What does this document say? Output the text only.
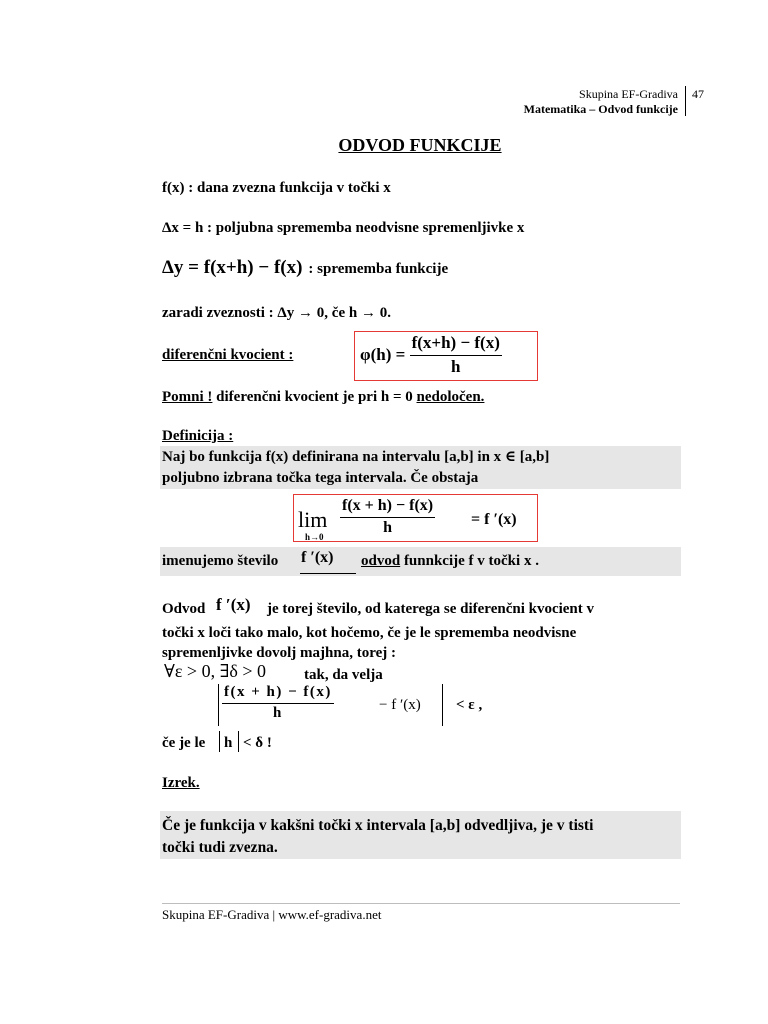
Skupina EF-Gradiva
Matematika – Odvod funkcije
47
ODVOD FUNKCIJE
f(x) : dana zvezna funkcija v točki x
Δx = h : poljubna sprememba neodvisne spremenljivke x
Δy = f(x+h) − f(x) : sprememba funkcije
zaradi zveznosti : Δy → 0, če h → 0.
diferenčni kvocient :	$\varphi(h) = \frac{f(x+h) - f(x)}{h}$
Pomni ! diferenčni kvocient je pri h = 0 nedoločen.
Definicija :
Naj bo funkcija f(x) definirana na intervalu [a,b] in x ∈ [a,b]
poljubno izbrana točka tega intervala. Če obstaja
lim
$h\to 0 \frac{f(x + h) - f(x)}{h} = f$ ′(x)
imenujemo število f ′(x) odvod funnkcije f v točki x .
Odvod f ′(x) je torej število, od katerega se diferenčni kvocient v
točki x loči tako malo, kot hočemo, če je le sprememba neodvisne
spremenljivke dovolj majhna, torej :
∀ε > 0, ∃δ > 0	tak, da velja
$\frac{f(x + h) - f(x)}{h}$	− f ′(x) < ε ,
če je le h < δ !
Izrek.
Če je funkcija v kakšni točki x intervala [a,b] odvedljiva, je v tisti
točki tudi zvezna.
Skupina EF-Gradiva | www.ef-gradiva.net
